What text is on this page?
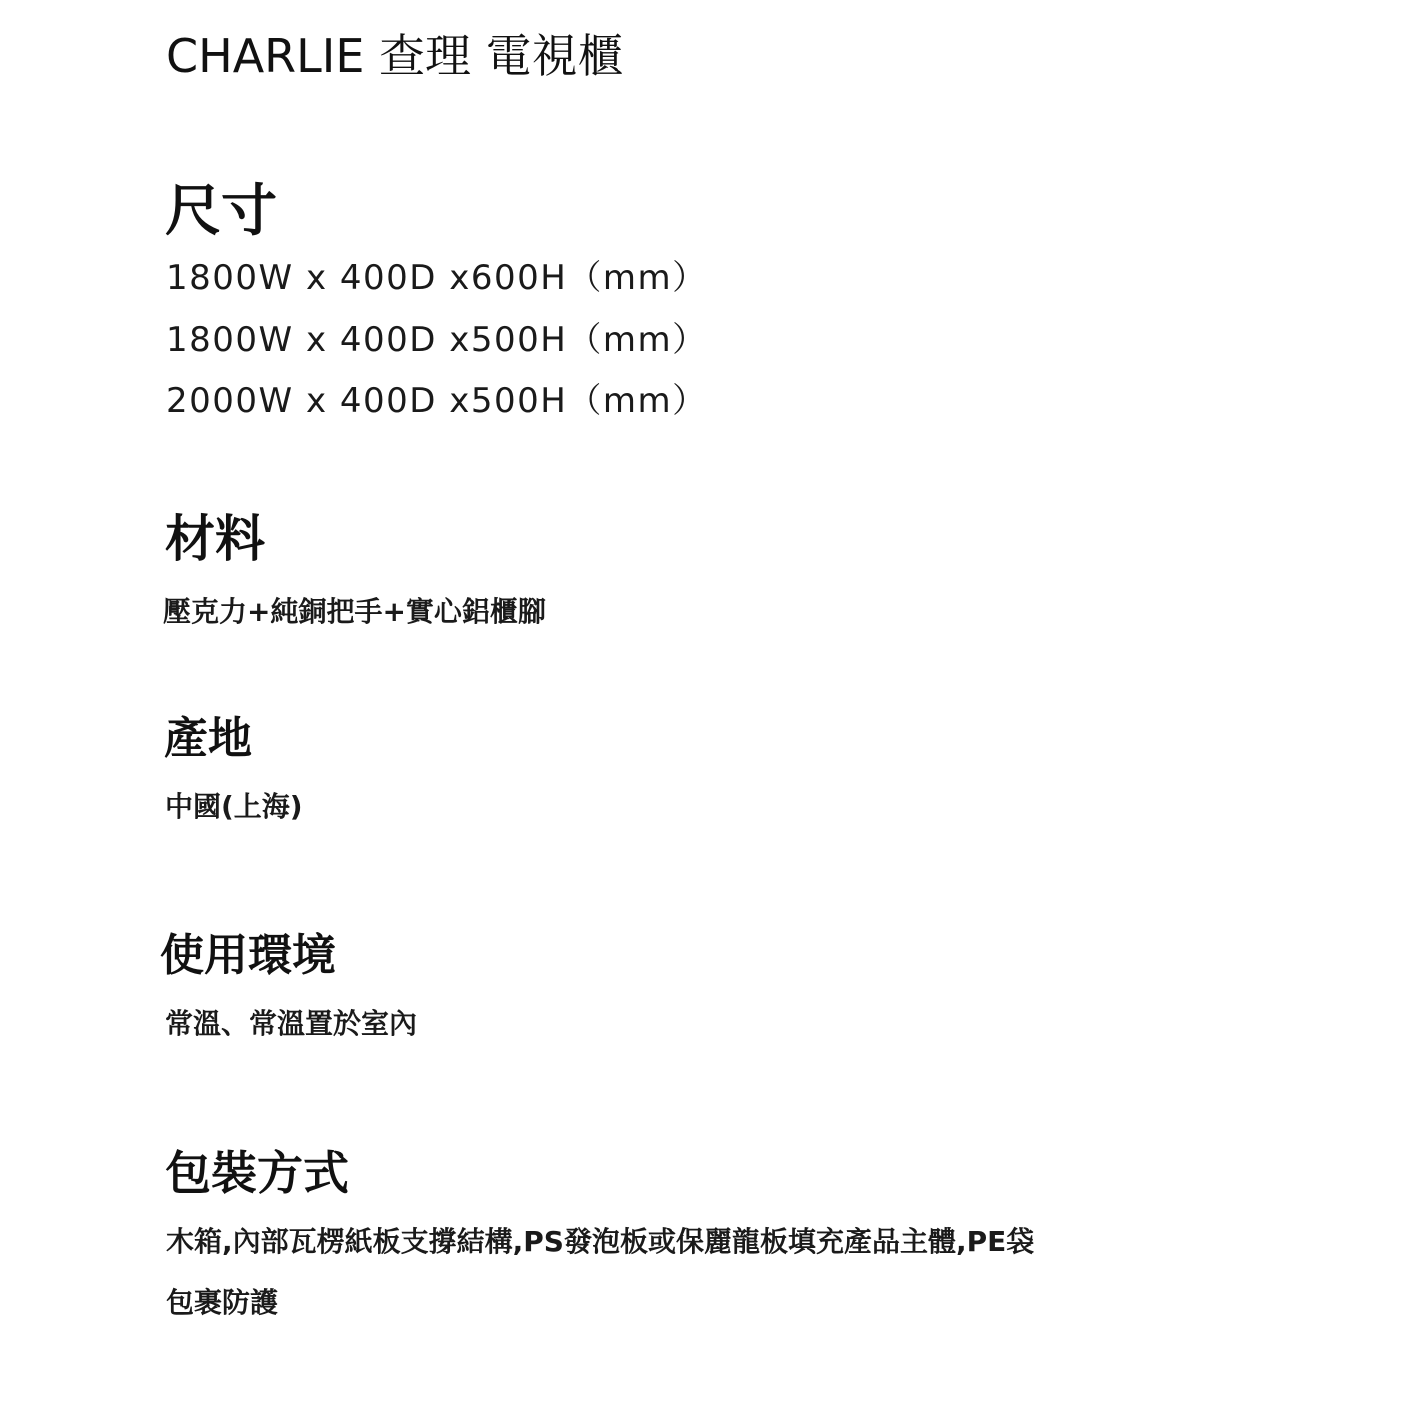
CHARLIE 查理 電視櫃
尺寸
1800W x 400D x600H（mm）
1800W x 400D x500H（mm）
2000W x 400D x500H（mm）
材料
壓克力+純銅把手+實心鋁櫃腳
產地
中國(上海)
使用環境
常溫、常溫置於室內
包裝方式
木箱,內部瓦楞紙板支撐結構,PS發泡板或保麗龍板填充產品主體,PE袋
包裹防護
